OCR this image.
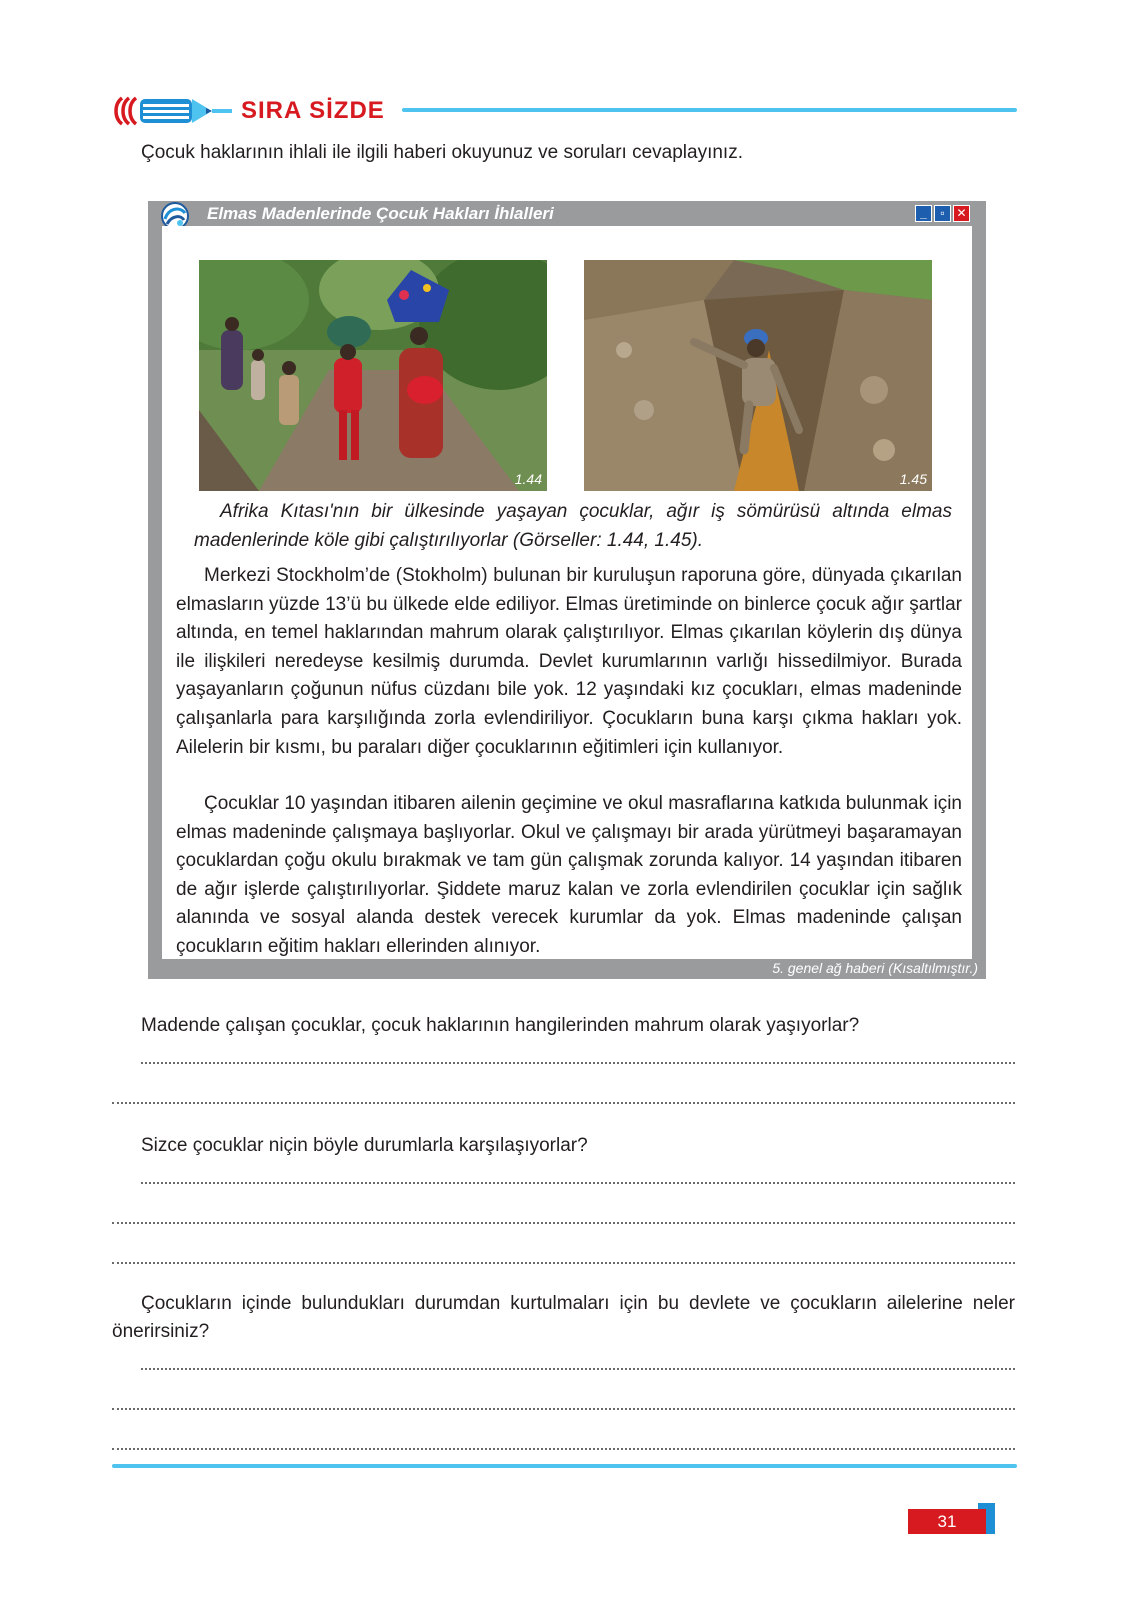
SIRA SİZDE
Çocuk haklarının ihlali ile ilgili haberi okuyunuz ve soruları cevaplayınız.
Elmas Madenlerinde Çocuk Hakları İhlalleri	_	▫ ✕
1.44	1.45
Afrika Kıtası'nın bir ülkesinde yaşayan çocuklar, ağır iş sömürüsü altında elmas madenlerinde köle gibi çalıştırılıyorlar (Görseller: 1.44, 1.45).

Merkezi Stockholm’de (Stokholm) bulunan bir kuruluşun raporuna göre, dünyada çıkarılan elmasların yüzde 13’ü bu ülkede elde ediliyor. Elmas üretiminde on binlerce çocuk ağır şartlar altında, en temel haklarından mahrum olarak çalıştırılıyor. Elmas çıkarılan köylerin dış dünya ile ilişkileri neredeyse kesilmiş durumda. Devlet kurumlarının varlığı hissedilmiyor. Burada yaşayanların çoğunun nüfus cüzdanı bile yok. 12 yaşındaki kız çocukları, elmas madeninde çalışanlarla para karşılığında zorla evlendiriliyor. Çocukların buna karşı çıkma hakları yok. Ailelerin bir kısmı, bu paraları diğer çocuklarının eğitimleri için kullanıyor.

Çocuklar 10 yaşından itibaren ailenin geçimine ve okul masraflarına katkıda bulunmak için elmas madeninde çalışmaya başlıyorlar. Okul ve çalışmayı bir arada yürütmeyi başaramayan çocuklardan çoğu okulu bırakmak ve tam gün çalışmak zorunda kalıyor. 14 yaşından itibaren de ağır işlerde çalıştırılıyorlar. Şiddete maruz kalan ve zorla evlendirilen çocuklar için sağlık alanında ve sosyal alanda destek verecek kurumlar da yok. Elmas madeninde çalışan çocukların eğitim hakları ellerinden alınıyor.

5. genel ağ haberi (Kısaltılmıştır.)
Madende çalışan çocuklar, çocuk haklarının hangilerinden mahrum olarak yaşıyorlar?
Sizce çocuklar niçin böyle durumlarla karşılaşıyorlar?
Çocukların içinde bulundukları durumdan kurtulmaları için bu devlete ve çocukların ailelerine neler önerirsiniz?
31
